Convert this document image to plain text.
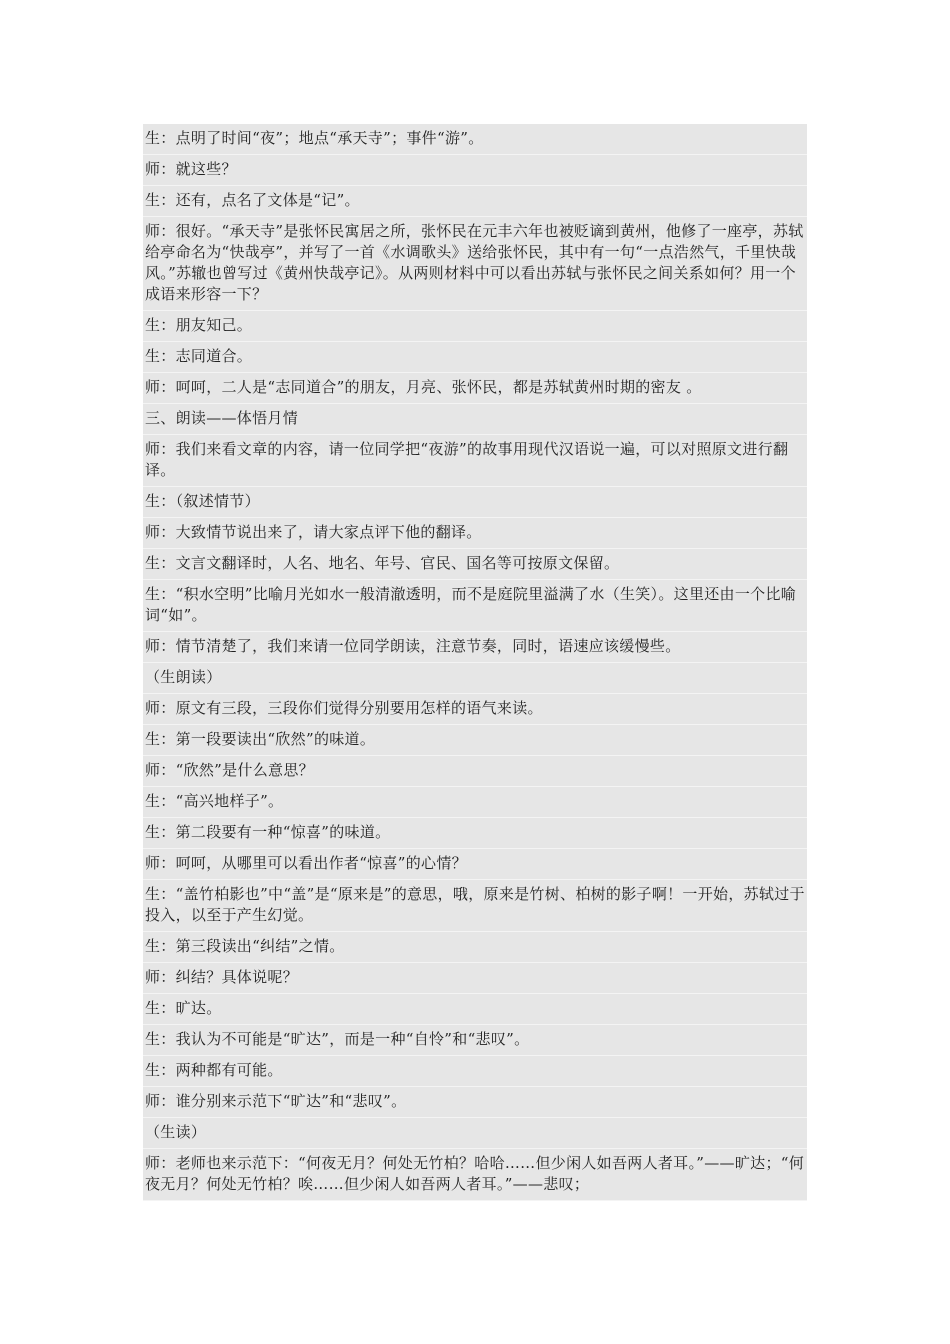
生：点明了时间“夜”；地点“承天寺”；事件“游”。

师：就这些？

生：还有，点名了文体是“记”。

师：很好。“承天寺”是张怀民寓居之所，张怀民在元丰六年也被贬谪到黄州，他修了一座亭，苏轼给亭命名为“快哉亭”，并写了一首《水调歌头》送给张怀民，其中有一句“一点浩然气，千里快哉风。”苏辙也曾写过《黄州快哉亭记》。从两则材料中可以看出苏轼与张怀民之间关系如何？用一个成语来形容一下？

生：朋友知己。

生：志同道合。

师：呵呵，二人是“志同道合”的朋友，月亮、张怀民，都是苏轼黄州时期的密友 。

三、朗读——体悟月情

师：我们来看文章的内容，请一位同学把“夜游”的故事用现代汉语说一遍，可以对照原文进行翻译。

生：（叙述情节）

师：大致情节说出来了，请大家点评下他的翻译。

生：文言文翻译时，人名、地名、年号、官民、国名等可按原文保留。

生：“积水空明”比喻月光如水一般清澈透明，而不是庭院里溢满了水（生笑）。这里还由一个比喻词“如”。

师：情节清楚了，我们来请一位同学朗读，注意节奏，同时，语速应该缓慢些。

（生朗读）

师：原文有三段，三段你们觉得分别要用怎样的语气来读。

生：第一段要读出“欣然”的味道。

师：“欣然”是什么意思？

生：“高兴地样子”。

生：第二段要有一种“惊喜”的味道。

师：呵呵，从哪里可以看出作者“惊喜”的心情？

生：“盖竹柏影也”中“盖”是“原来是”的意思，哦，原来是竹树、柏树的影子啊！一开始，苏轼过于投入，以至于产生幻觉。

生：第三段读出“纠结”之情。

师：纠结？具体说呢？

生：旷达。

生：我认为不可能是“旷达”，而是一种“自怜”和“悲叹”。

生：两种都有可能。

师：谁分别来示范下“旷达”和“悲叹”。

（生读）

师：老师也来示范下：“何夜无月？何处无竹柏？哈哈……但少闲人如吾两人者耳。”——旷达；“何夜无月？何处无竹柏？唉……但少闲人如吾两人者耳。”——悲叹；
